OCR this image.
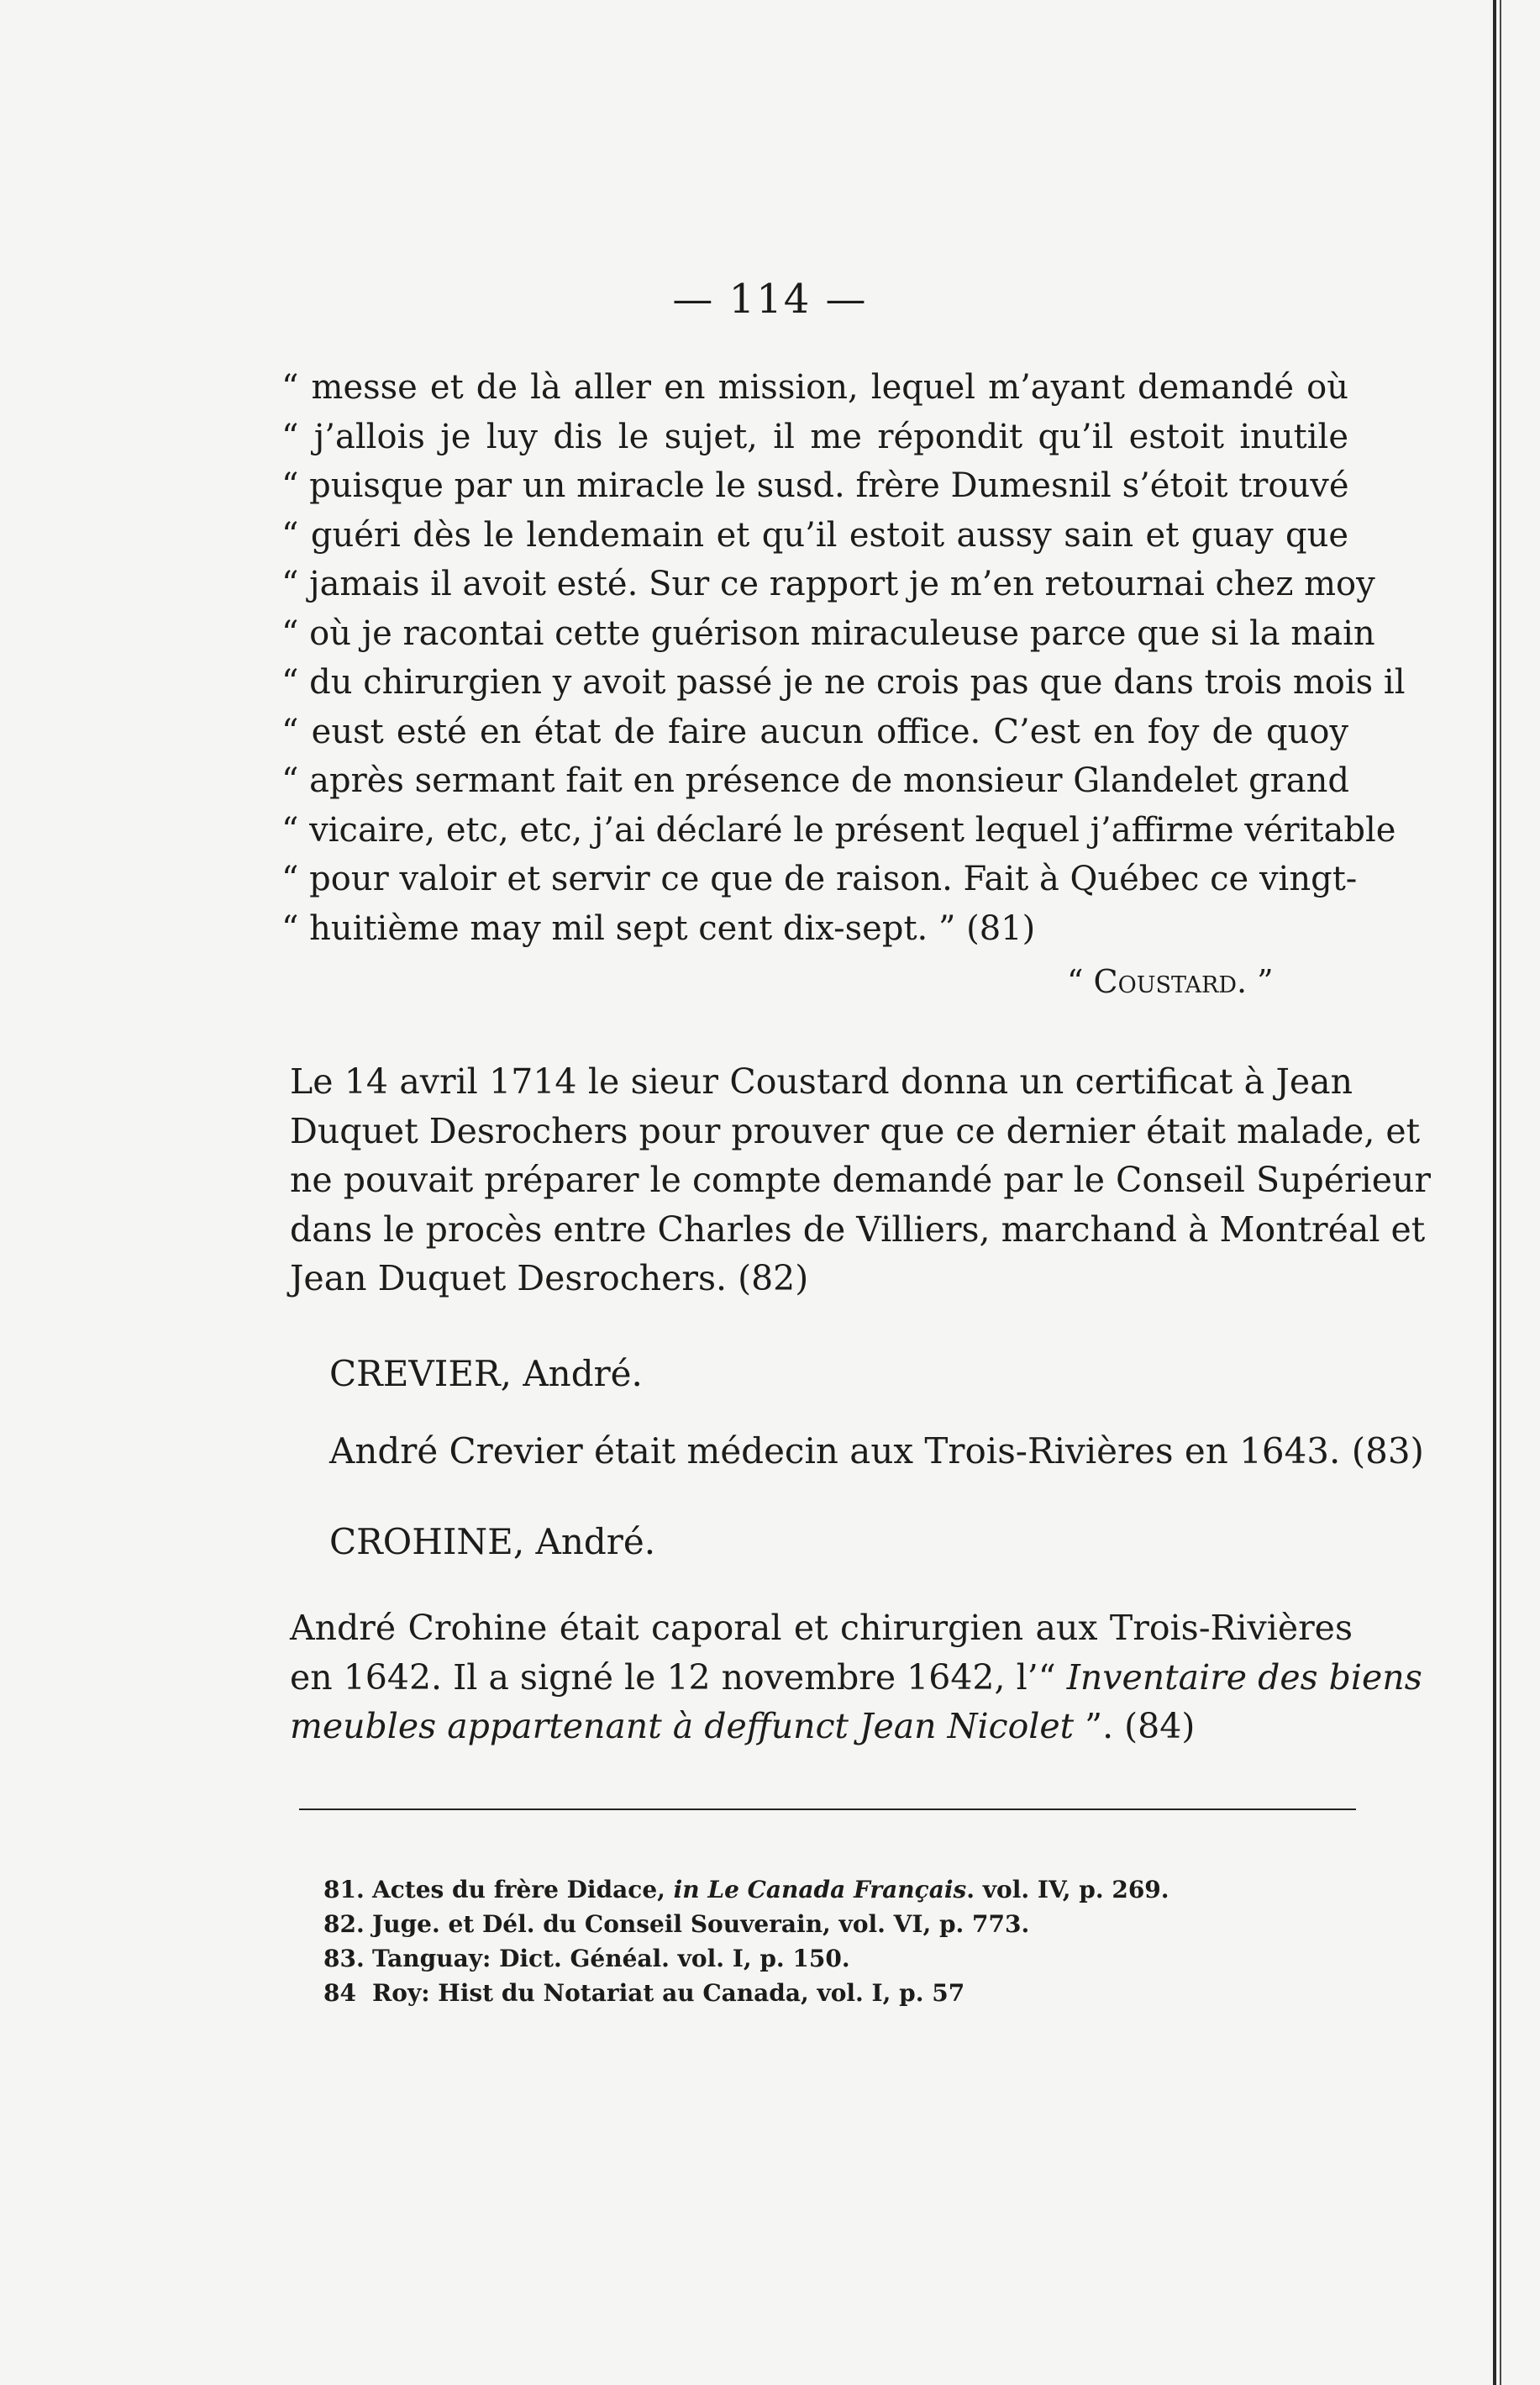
— 114 —
“ messe et de là aller en mission, lequel m’ayant demandé où
“ j’allois je luy dis le sujet, il me répondit qu’il estoit inutile
“ puisque par un miracle le susd. frère Dumesnil s’étoit trouvé
“ guéri dès le lendemain et qu’il estoit aussy sain et guay que
“ jamais il avoit esté. Sur ce rapport je m’en retournai chez moy
“ où je racontai cette guérison miraculeuse parce que si la main
“ du chirurgien y avoit passé je ne crois pas que dans trois mois il
“ eust esté en état de faire aucun office. C’est en foy de quoy
“ après sermant fait en présence de monsieur Glandelet grand
“ vicaire, etc, etc, j’ai déclaré le présent lequel j’affirme véritable
“ pour valoir et servir ce que de raison. Fait à Québec ce vingt-
“ huitième may mil sept cent dix-sept. ” (81)
“ Coustard. ”
Le 14 avril 1714 le sieur Coustard donna un certificat à Jean
Duquet Desrochers pour prouver que ce dernier était malade, et
ne pouvait préparer le compte demandé par le Conseil Supérieur
dans le procès entre Charles de Villiers, marchand à Montréal et
Jean Duquet Desrochers. (82)
CREVIER, André.
André Crevier était médecin aux Trois-Rivières en 1643. (83)
CROHINE, André.
André Crohine était caporal et chirurgien aux Trois-Rivières
en 1642. Il a signé le 12 novembre 1642, l’“ Inventaire des biens
meubles appartenant à deffunct Jean Nicolet ”. (84)
81. Actes du frère Didace, in Le Canada Français. vol. IV, p. 269.
82. Juge. et Dél. du Conseil Souverain, vol. VI, p. 773.
83. Tanguay: Dict. Généal. vol. I, p. 150.
84 Roy: Hist du Notariat au Canada, vol. I, p. 57
